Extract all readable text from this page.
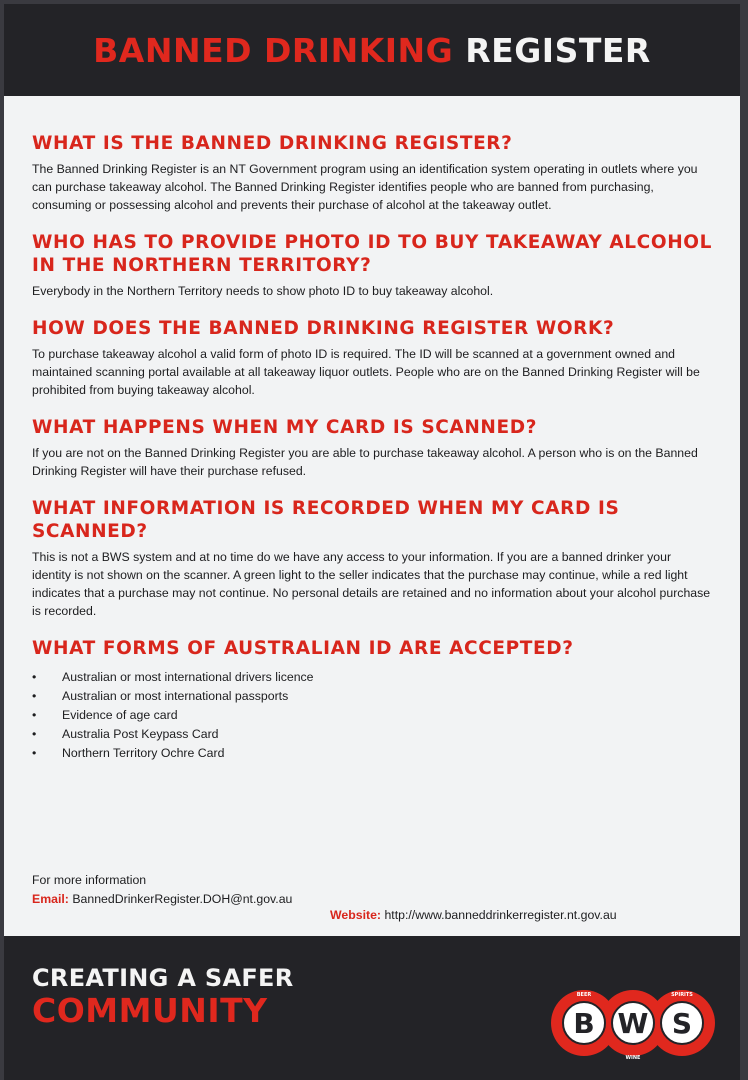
BANNED DRINKING REGISTER
WHAT IS THE BANNED DRINKING REGISTER?

The Banned Drinking Register is an NT Government program using an identification system operating in outlets where you can purchase takeaway alcohol. The Banned Drinking Register identifies people who are banned from purchasing, consuming or possessing alcohol and prevents their purchase of alcohol at the takeaway outlet.

WHO HAS TO PROVIDE PHOTO ID TO BUY TAKEAWAY ALCOHOL IN THE NORTHERN TERRITORY?

Everybody in the Northern Territory needs to show photo ID to buy takeaway alcohol.

HOW DOES THE BANNED DRINKING REGISTER WORK?

To purchase takeaway alcohol a valid form of photo ID is required. The ID will be scanned at a government owned and maintained scanning portal available at all takeaway liquor outlets. People who are on the Banned Drinking Register will be prohibited from buying takeaway alcohol.

WHAT HAPPENS WHEN MY CARD IS SCANNED?

If you are not on the Banned Drinking Register you are able to purchase takeaway alcohol. A person who is on the Banned Drinking Register will have their purchase refused.

WHAT INFORMATION IS RECORDED WHEN MY CARD IS SCANNED?

This is not a BWS system and at no time do we have any access to your information. If you are a banned drinker your identity is not shown on the scanner. A green light to the seller indicates that the purchase may continue, while a red light indicates that a purchase may not continue. No personal details are retained and no information about your alcohol purchase is recorded.

WHAT FORMS OF AUSTRALIAN ID ARE ACCEPTED?
• Australian or most international drivers licence
• Australian or most international passports
• Evidence of age card
• Australia Post Keypass Card
• Northern Territory Ochre Card
For more information
Email: BannedDrinkerRegister.DOH@nt.gov.au
Website: http://www.banneddrinkerregister.nt.gov.au
CREATING A SAFER
COMMUNITY	B W S
BEER
WINE
SPIRITS
